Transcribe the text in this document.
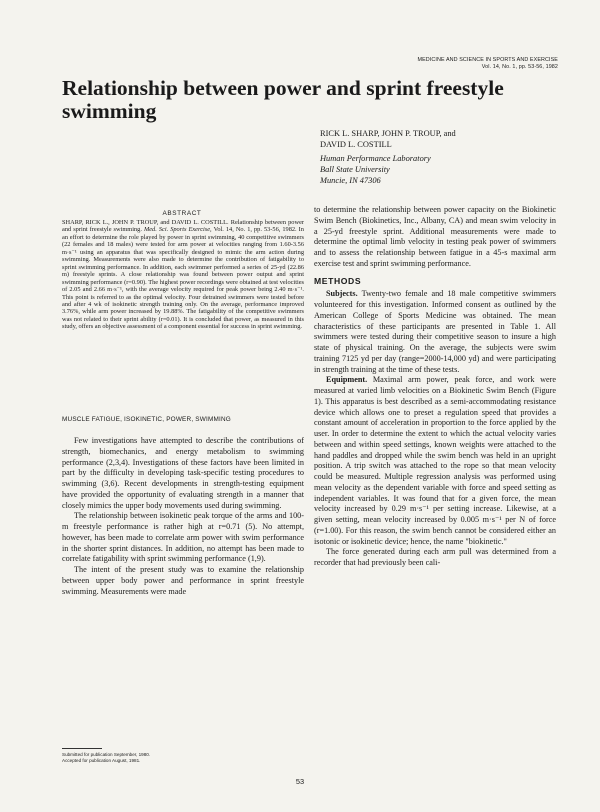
MEDICINE AND SCIENCE IN SPORTS AND EXERCISE
Vol. 14, No. 1, pp. 53-56, 1982
Relationship between power and sprint freestyle swimming
RICK L. SHARP, JOHN P. TROUP, and
DAVID L. COSTILL
Human Performance Laboratory
Ball State University
Muncie, IN 47306
ABSTRACT
SHARP, RICK L., JOHN P. TROUP, and DAVID L. COSTILL. Relationship between power and sprint freestyle swimming. Med. Sci. Sports Exercise, Vol. 14, No. 1, pp. 53-56, 1982. In an effort to determine the role played by power in sprint swimming, 40 competitive swimmers (22 females and 18 males) were tested for arm power at velocities ranging from 1.60-3.56 m·s⁻¹ using an apparatus that was specifically designed to mimic the arm action during swimming. Measurements were also made to determine the contribution of fatigability to sprint swimming performance. In addition, each swimmer performed a series of 25-yd (22.86 m) freestyle sprints. A close relationship was found between power output and sprint swimming performance (r=0.90). The highest power recordings were obtained at test velocities of 2.05 and 2.66 m·s⁻¹, with the average velocity required for peak power being 2.40 m·s⁻¹. This point is referred to as the optimal velocity. Four detrained swimmers were tested before and after 4 wk of isokinetic strength training only. On the average, performance improved 3.76%, while arm power increased by 19.88%. The fatigability of the competitive swimmers was not related to their sprint ability (r=0.01). It is concluded that power, as measured in this study, offers an objective assessment of a component essential for success in sprint swimming.
MUSCLE FATIGUE, ISOKINETIC, POWER, SWIMMING

Few investigations have attempted to describe the contributions of strength, biomechanics, and energy metabolism to swimming performance (2,3,4). Investigations of these factors have been limited in part by the difficulty in developing task-specific testing procedures to swimming (3,6). Recent developments in strength-testing equipment have provided the opportunity of evaluating strength in a manner that closely mimics the upper body movements used during swimming.

The relationship between isokinetic peak torque of the arms and 100-m freestyle performance is rather high at r=0.71 (5). No attempt, however, has been made to correlate arm power with swim performance in the shorter sprint distances. In addition, no attempt has been made to correlate fatigability with sprint swimming performance (1,9).

The intent of the present study was to examine the relationship between upper body power and performance in sprint freestyle swimming. Measurements were made

to determine the relationship between power capacity on the Biokinetic Swim Bench (Biokinetics, Inc., Albany, CA) and mean swim velocity in a 25-yd freestyle sprint. Additional measurements were made to determine the optimal limb velocity in testing peak power of swimmers and to assess the relationship between fatigue in a 45-s maximal arm exercise test and sprint swimming performance.

METHODS

Subjects. Twenty-two female and 18 male competitive swimmers volunteered for this investigation. Informed consent as outlined by the American College of Sports Medicine was obtained. The mean characteristics of these participants are presented in Table 1. All swimmers were tested during their competitive season to insure a high state of physical training. On the average, the subjects were swim training 7125 yd per day (range=2000-14,000 yd) and were participating in strength training at the time of these tests.

Equipment. Maximal arm power, peak force, and work were measured at varied limb velocities on a Biokinetic Swim Bench (Figure 1). This apparatus is best described as a semi-accommodating resistance device which allows one to preset a regulation speed that provides a constant amount of acceleration in proportion to the force applied by the user. In order to determine the extent to which the actual velocity varies between and within speed settings, known weights were attached to the hand paddles and dropped while the swim bench was held in an upright position. A trip switch was attached to the rope so that mean velocity could be measured. Multiple regression analysis was performed using mean velocity as the dependent variable with force and speed setting as independent variables. It was found that for a given force, the mean velocity increased by 0.29 m·s⁻¹ per setting increase. Likewise, at a given setting, mean velocity increased by 0.005 m·s⁻¹ per N of force (r=1.00). For this reason, the swim bench cannot be considered either an isotonic or isokinetic device; hence, the name "biokinetic."

The force generated during each arm pull was determined from a recorder that had previously been cali-

Submitted for publication September, 1980.
Accepted for publication August, 1981.
53
